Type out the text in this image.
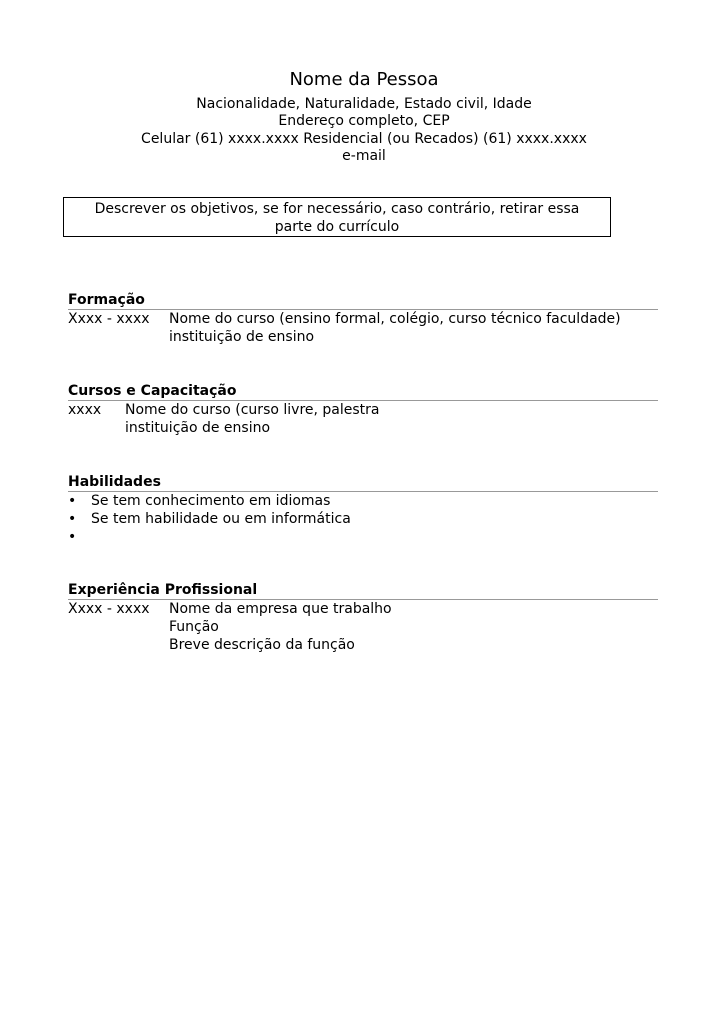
Nome da Pessoa
Nacionalidade, Naturalidade, Estado civil, Idade
Endereço completo, CEP
Celular (61) xxxx.xxxx Residencial (ou Recados) (61) xxxx.xxxx
e-mail
Descrever os objetivos, se for necessário, caso contrário, retirar essa
parte do currículo
Formação
Xxxx - xxxx Nome do curso (ensino formal, colégio, curso técnico faculdade)
instituição de ensino
Cursos e Capacitação
xxxx Nome do curso (curso livre, palestra
instituição de ensino
Habilidades
• Se tem conhecimento em idiomas
• Se tem habilidade ou em informática
•
Experiência Profissional
Xxxx - xxxx Nome da empresa que trabalho
Função
Breve descrição da função
